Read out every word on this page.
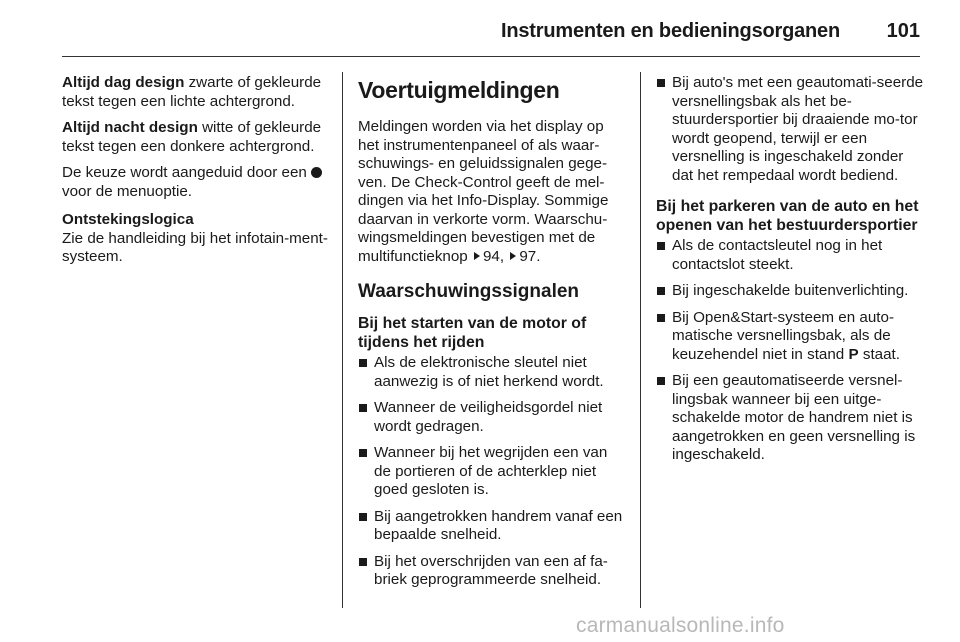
Instrumenten en bedieningsorganen 101

Altijd dag design zwarte of gekleurde tekst tegen een lichte achtergrond.

Altijd nacht design witte of gekleurde tekst tegen een donkere achtergrond.

De keuze wordt aangeduid door een  voor de menuoptie.

Ontstekingslogica

Zie de handleiding bij het infotain-ment-systeem.

Voertuigmeldingen

Meldingen worden via het display op het instrumentenpaneel of als waar-schuwings- en geluidssignalen gege-ven. De Check-Control geeft de mel-dingen via het Info-Display. Sommige daarvan in verkorte vorm. Waarschu-wingsmeldingen bevestigen met de multifunctieknop 94, 97.

Waarschuwingssignalen
Bij het starten van de motor of tijdens het rijden
Als de elektronische sleutel niet aanwezig is of niet herkend wordt.
Wanneer de veiligheidsgordel niet wordt gedragen.
Wanneer bij het wegrijden een van de portieren of de achterklep niet goed gesloten is.
Bij aangetrokken handrem vanaf een bepaalde snelheid.
Bij het overschrijden van een af fa-briek geprogrammeerde snelheid.
Bij auto's met een geautomati-seerde versnellingsbak als het be-stuurdersportier bij draaiende mo-tor wordt geopend, terwijl er een versnelling is ingeschakeld zonder dat het rempedaal wordt bediend.
Bij het parkeren van de auto en het openen van het bestuurdersportier
Als de contactsleutel nog in het contactslot steekt.
Bij ingeschakelde buitenverlichting.
Bij Open&Start-systeem en auto-matische versnellingsbak, als de keuzehendel niet in stand P staat.
Bij een geautomatiseerde versnel-lingsbak wanneer bij een uitge-schakelde motor de handrem niet is aangetrokken en geen versnelling is ingeschakeld.
carmanualsonline.info
